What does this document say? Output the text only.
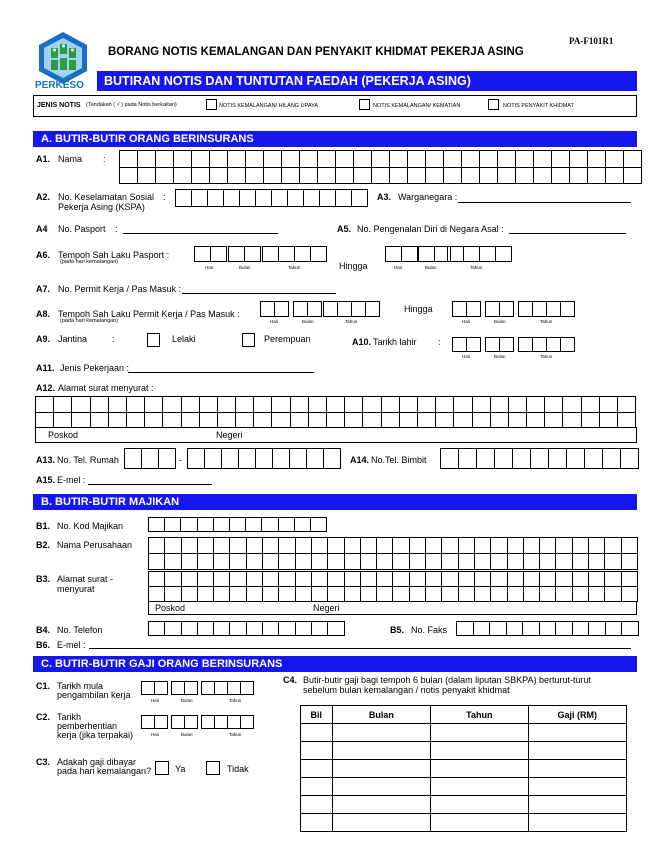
PERKESO
BORANG NOTIS KEMALANGAN DAN PENYAKIT KHIDMAT PEKERJA ASING
PA-F101R1
BUTIRAN NOTIS DAN TUNTUTAN FAEDAH (PEKERJA ASING)
JENIS NOTIS (Tandakan ( √ ) pada Notis berkaitan)	NOTIS KEMALANGAN/ HILANG UPAYA	NOTIS KEMALANGAN/ KEMATIAN	NOTIS PENYAKIT KHIDMAT
A. BUTIR-BUTIR ORANG BERINSURANS
A1. Nama :
A2. No. Keselamatan Sosial
Pekerja Asing (KSPA)
:	A3. Warganegara :
A4 No. Pasport :	A5. No. Pengenalan Diri di Negara Asal :
A6. Tempoh Sah Laku Pasport :
(pada hari kemalangan)
Hari	Bulan	Tahun	Hingga	Hari	Bulan	Tahun
A7. No. Permit Kerja / Pas Masuk :
A8. Tempoh Sah Laku Permit Kerja / Pas Masuk :
(pada hari kemalangan)	Hari	Bulan	Tahun
Hingga
Hari	Bulan	Tahun
A9. Jantina	:	Lelaki	Perempuan	A10. Tarikh lahir :
Hari	Bulan	Tahun
A11. Jenis Pekerjaan :
A12. Alamat surat menyurat :
Poskod	Negeri
A13. No. Tel. Rumah	-	A14. No.Tel. Bimbit
A15. E-mel :
B. BUTIR-BUTIR MAJIKAN
B1. No. Kod Majikan
B2. Nama Perusahaan
B3. Alamat surat -
menyurat
Poskod	Negeri
B4. No. Telefon	B5. No. Faks
B6. E-mel :
C. BUTIR-BUTIR GAJI ORANG BERINSURANS
C1. Tarikh mula
pengambilan kerja
Hari	Bulan	Tahun
C2. Tarikh
pemberhentian
kerja (jika terpakai)	Hari	Bulan	Tahun
C3. Adakah gaji dibayar
pada hari kemalangan?	Ya	Tidak
C4. Butir-butir gaji bagi tempoh 6 bulan (dalam liputan SBKPA) berturut-turut
sebelum bulan kemalangan / notis penyakit khidmat
Bil	Bulan	Tahun	Gaji (RM)
